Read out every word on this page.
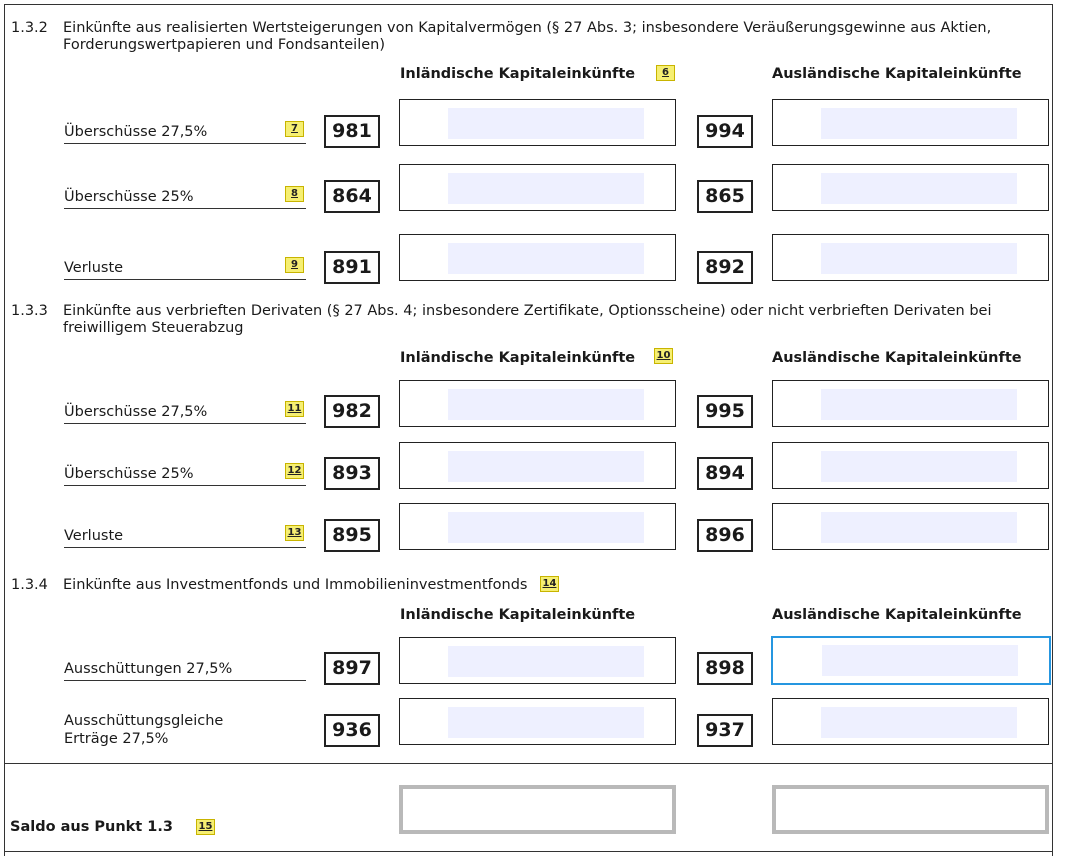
1.3.2 Einkünfte aus realisierten Wertsteigerungen von Kapitalvermögen (§ 27 Abs. 3; insbesondere Veräußerungsgewinne aus Aktien, Forderungswertpapieren und Fondsanteilen)
Inländische Kapitaleinkünfte	6	Ausländische Kapitaleinkünfte
Überschüsse 27,5%	7	981	994
Überschüsse 25%	8	864	865
Verluste	9	891	892
1.3.3 Einkünfte aus verbrieften Derivaten (§ 27 Abs. 4; insbesondere Zertifikate, Optionsscheine) oder nicht verbrieften Derivaten bei freiwilligem Steuerabzug
Inländische Kapitaleinkünfte 10	Ausländische Kapitaleinkünfte
Überschüsse 27,5%	11	982	995
Überschüsse 25%	12	893	894
Verluste	13	895	896
1.3.4 Einkünfte aus Investmentfonds und Immobilieninvestmentfonds 14
Inländische Kapitaleinkünfte	Ausländische Kapitaleinkünfte
Ausschüttungen 27,5%	897	898
Ausschüttungsgleiche
Erträge 27,5%	936	937
Saldo aus Punkt 1.3	15
